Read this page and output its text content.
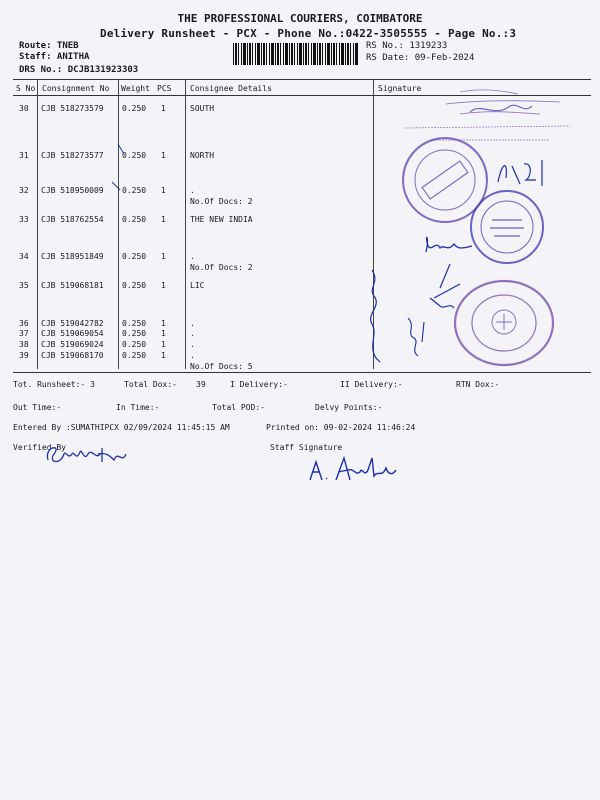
THE PROFESSIONAL COURIERS, COIMBATORE
Delivery Runsheet - PCX - Phone No.:0422-3505555 - Page No.:3
Route: TNEB
Staff: ANITHA
DRS No.: DCJB131923303
RS No.: 1319233
RS Date: 09-Feb-2024
S No Consignment No Weight PCS Consignee Details	Signature
30 CJB 518273579 0.250 1	SOUTH
31 CJB 518273577 0.250 1	NORTH
32 CJB 518950009 0.250 1	.
No.Of Docs: 2
33 CJB 518762554 0.250 1	THE NEW INDIA
34 CJB 518951849 0.250 1	.
No.Of Docs: 2
35 CJB 519068181 0.250 1	LIC
36 CJB 519042782 0.250 1	.
37 CJB 519069054 0.250 1	.
38 CJB 519069024 0.250 1	.
39 CJB 519068170 0.250 1	.
No.Of Docs: 5
Tot. Runsheet:- 3	Total Dox:- 39	I Delivery:-	II Delivery:-	RTN Dox:-
Out Time:-	In Time:-	Total POD:-	Delvy Points:-
Entered By :SUMATHIPCX 02/09/2024 11:45:15 AM	Printed on: 09-02-2024 11:46:24
Verified By	Staff Signature
